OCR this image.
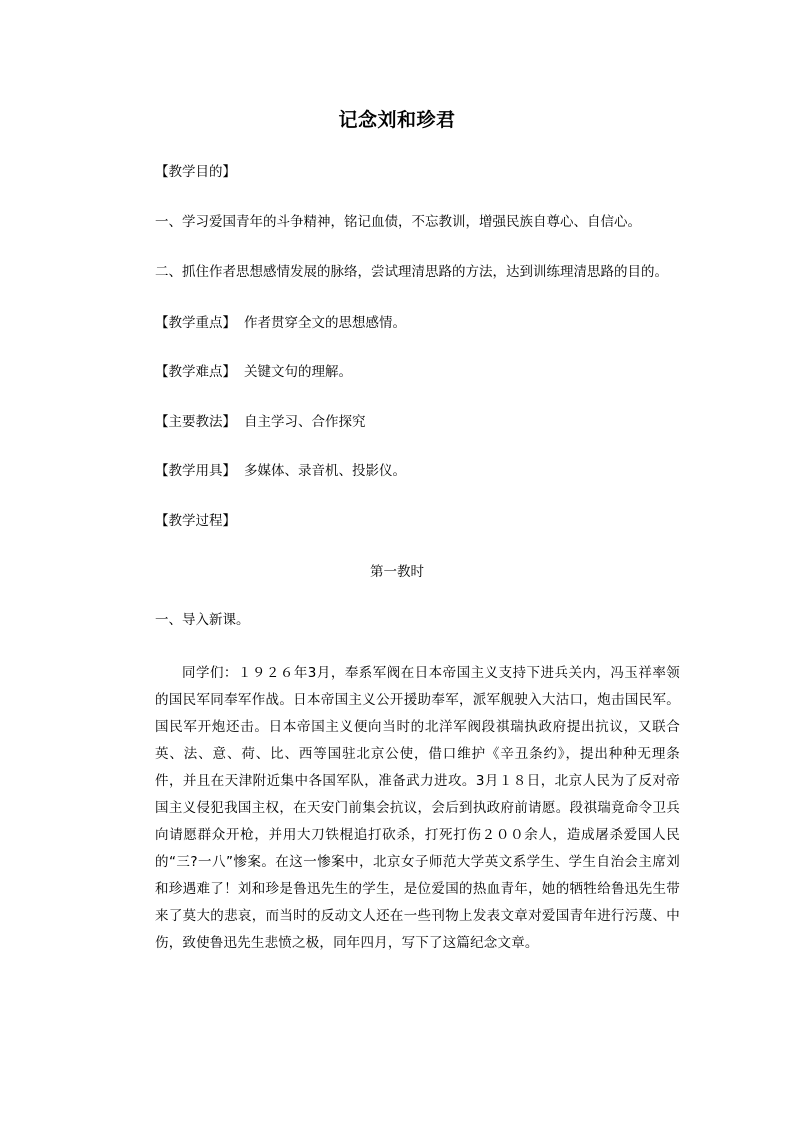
记念刘和珍君
【教学目的】
一、学习爱国青年的斗争精神，铭记血债，不忘教训，增强民族自尊心、自信心。
二、抓住作者思想感情发展的脉络，尝试理清思路的方法，达到训练理清思路的目的。
【教学重点】 作者贯穿全文的思想感情。
【教学难点】 关键文句的理解。
【主要教法】 自主学习、合作探究
【教学用具】 多媒体、录音机、投影仪。
【教学过程】
第一教时
一、导入新课。
同学们：１９２６年3月，奉系军阀在日本帝国主义支持下进兵关内，冯玉祥率领的国民军同奉军作战。日本帝国主义公开援助奉军，派军舰驶入大沽口，炮击国民军。国民军开炮还击。日本帝国主义便向当时的北洋军阀段祺瑞执政府提出抗议，又联合英、法、意、荷、比、西等国驻北京公使，借口维护《辛丑条约》，提出种种无理条件，并且在天津附近集中各国军队，准备武力进攻。3月１８日，北京人民为了反对帝国主义侵犯我国主权，在天安门前集会抗议，会后到执政府前请愿。段祺瑞竟命令卫兵向请愿群众开枪，并用大刀铁棍追打砍杀，打死打伤２００余人，造成屠杀爱国人民的“三?一八”惨案。在这一惨案中，北京女子师范大学英文系学生、学生自治会主席刘和珍遇难了！刘和珍是鲁迅先生的学生，是位爱国的热血青年，她的牺牲给鲁迅先生带来了莫大的悲哀，而当时的反动文人还在一些刊物上发表文章对爱国青年进行污蔑、中伤，致使鲁迅先生悲愤之极，同年四月，写下了这篇纪念文章。
